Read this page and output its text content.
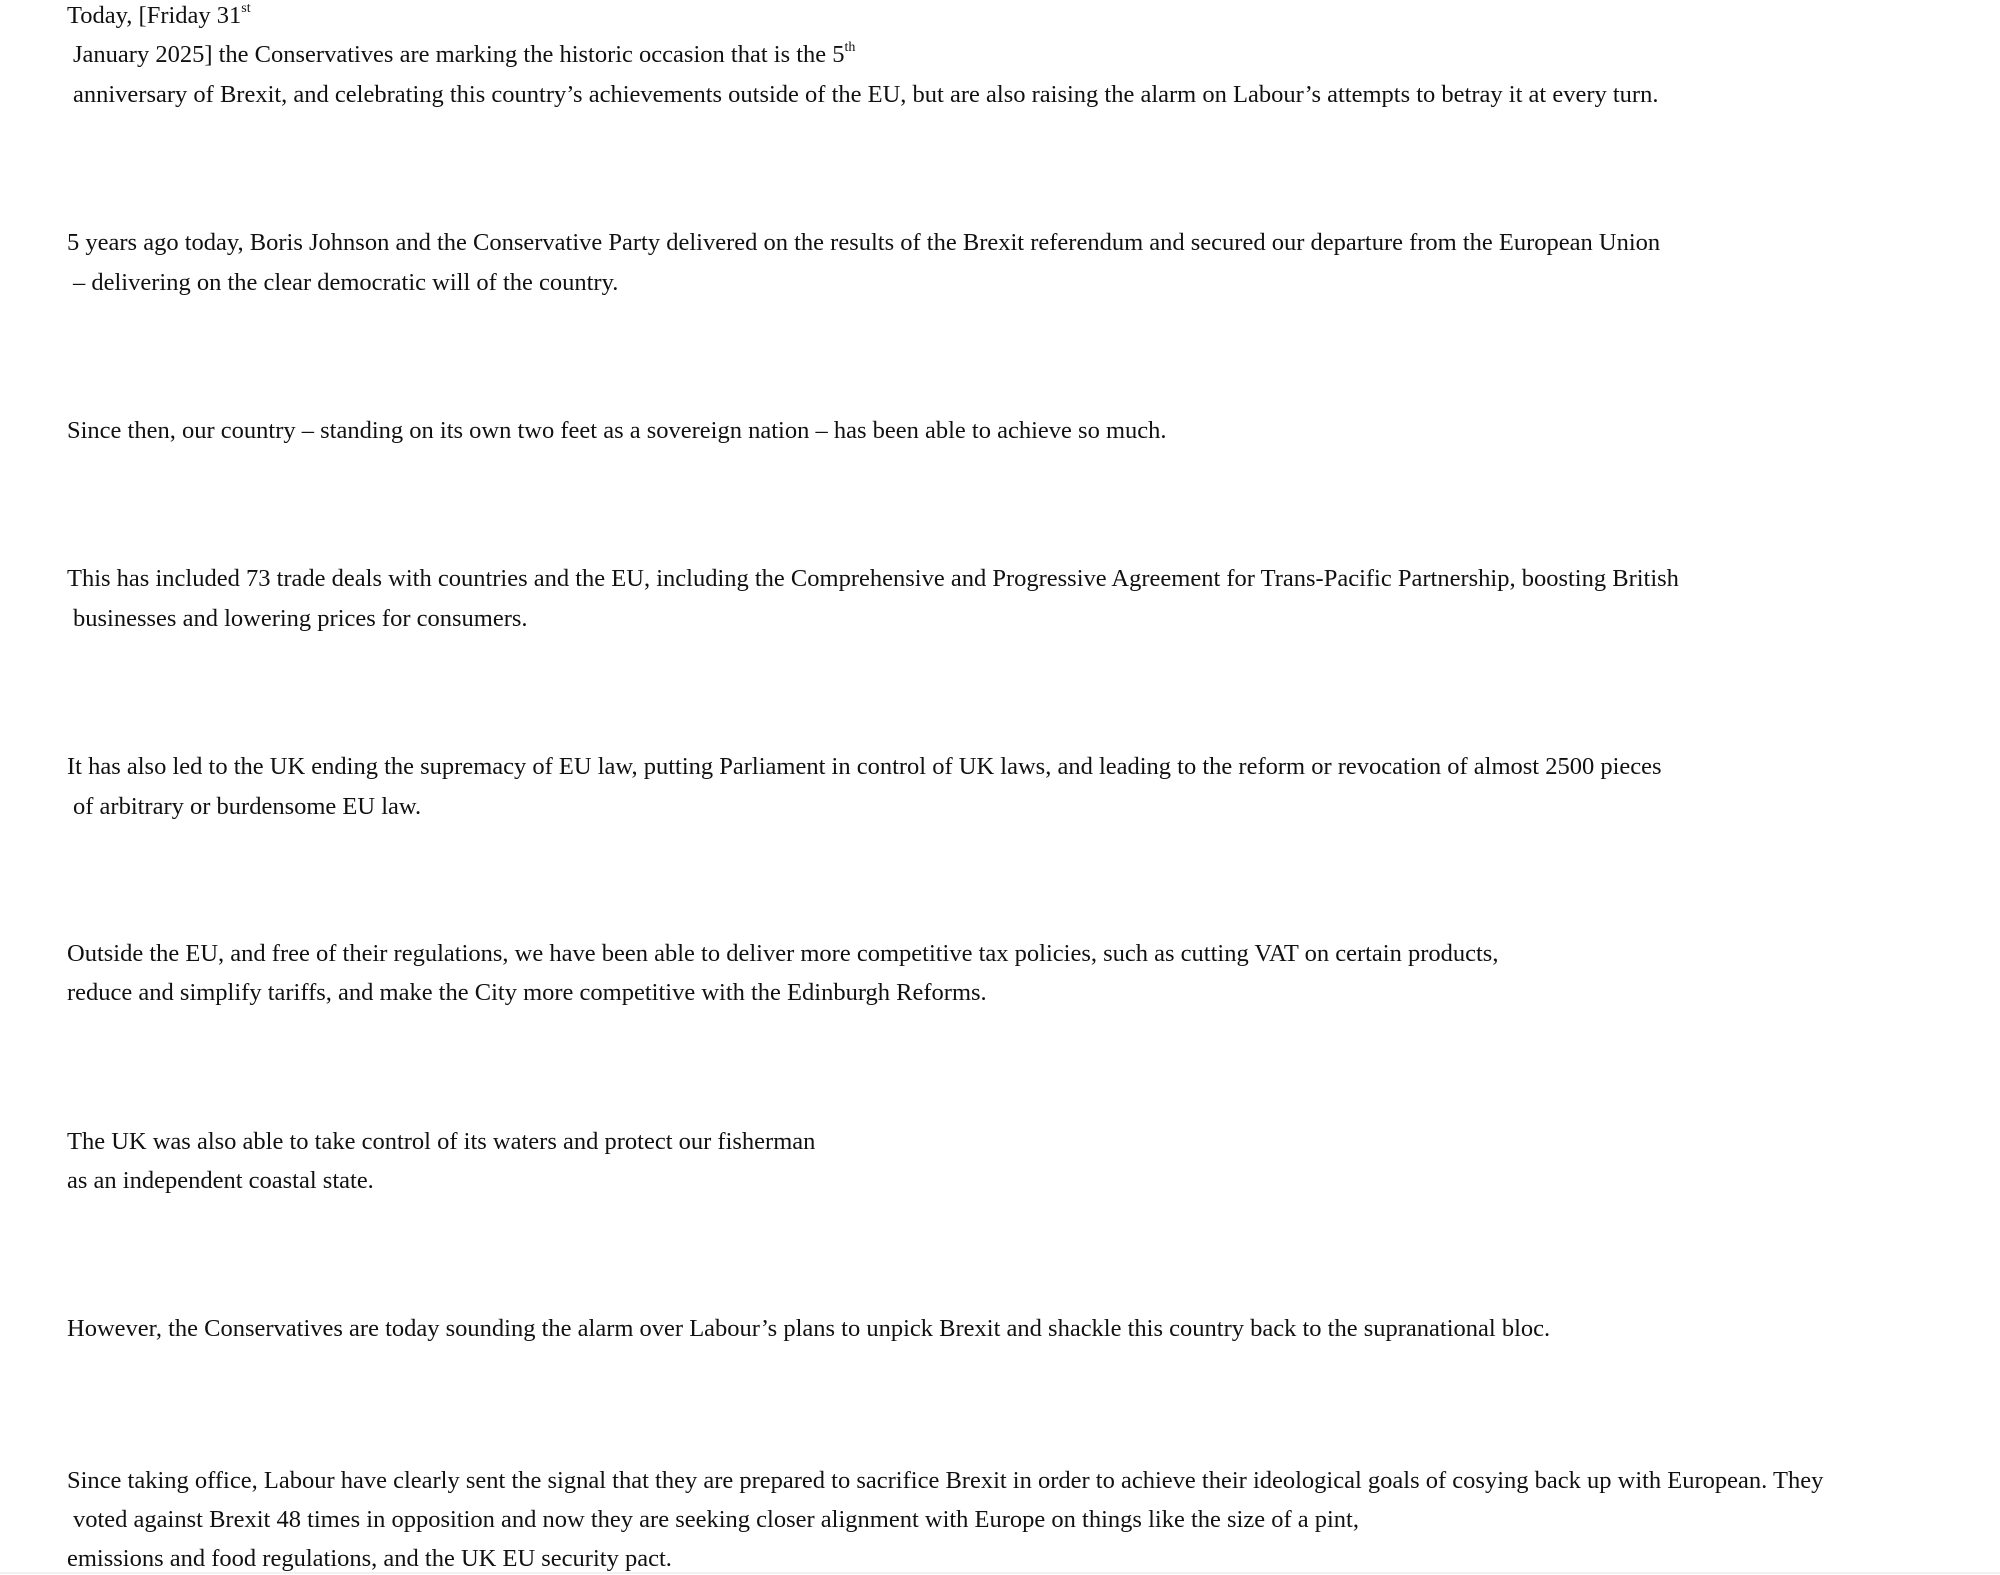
Today, [Friday 31st
January 2025] the Conservatives are marking the historic occasion that is the 5th
anniversary of Brexit, and celebrating this country’s achievements outside of the EU, but are also raising the alarm on Labour’s attempts to betray it at every turn.
5 years ago today, Boris Johnson and the Conservative Party delivered on the results of the Brexit referendum and secured our departure from the European Union
– delivering on the clear democratic will of the country.
Since then, our country – standing on its own two feet as a sovereign nation – has been able to achieve so much.
This has included 73 trade deals with countries and the EU, including the Comprehensive and Progressive Agreement for Trans-Pacific Partnership, boosting British
businesses and lowering prices for consumers.
It has also led to the UK ending the supremacy of EU law, putting Parliament in control of UK laws, and leading to the reform or revocation of almost 2500 pieces
of arbitrary or burdensome EU law.
Outside the EU, and free of their regulations, we have been able to deliver more competitive tax policies, such as cutting VAT on certain products,
reduce and simplify tariffs, and make the City more competitive with the Edinburgh Reforms.
The UK was also able to take control of its waters and protect our fisherman
as an independent coastal state.
However, the Conservatives are today sounding the alarm over Labour’s plans to unpick Brexit and shackle this country back to the supranational bloc.
Since taking office, Labour have clearly sent the signal that they are prepared to sacrifice Brexit in order to achieve their ideological goals of cosying back up with European. They
voted against Brexit 48 times in opposition and now they are seeking closer alignment with Europe on things like the size of a pint,
emissions and food regulations, and the UK EU security pact.
